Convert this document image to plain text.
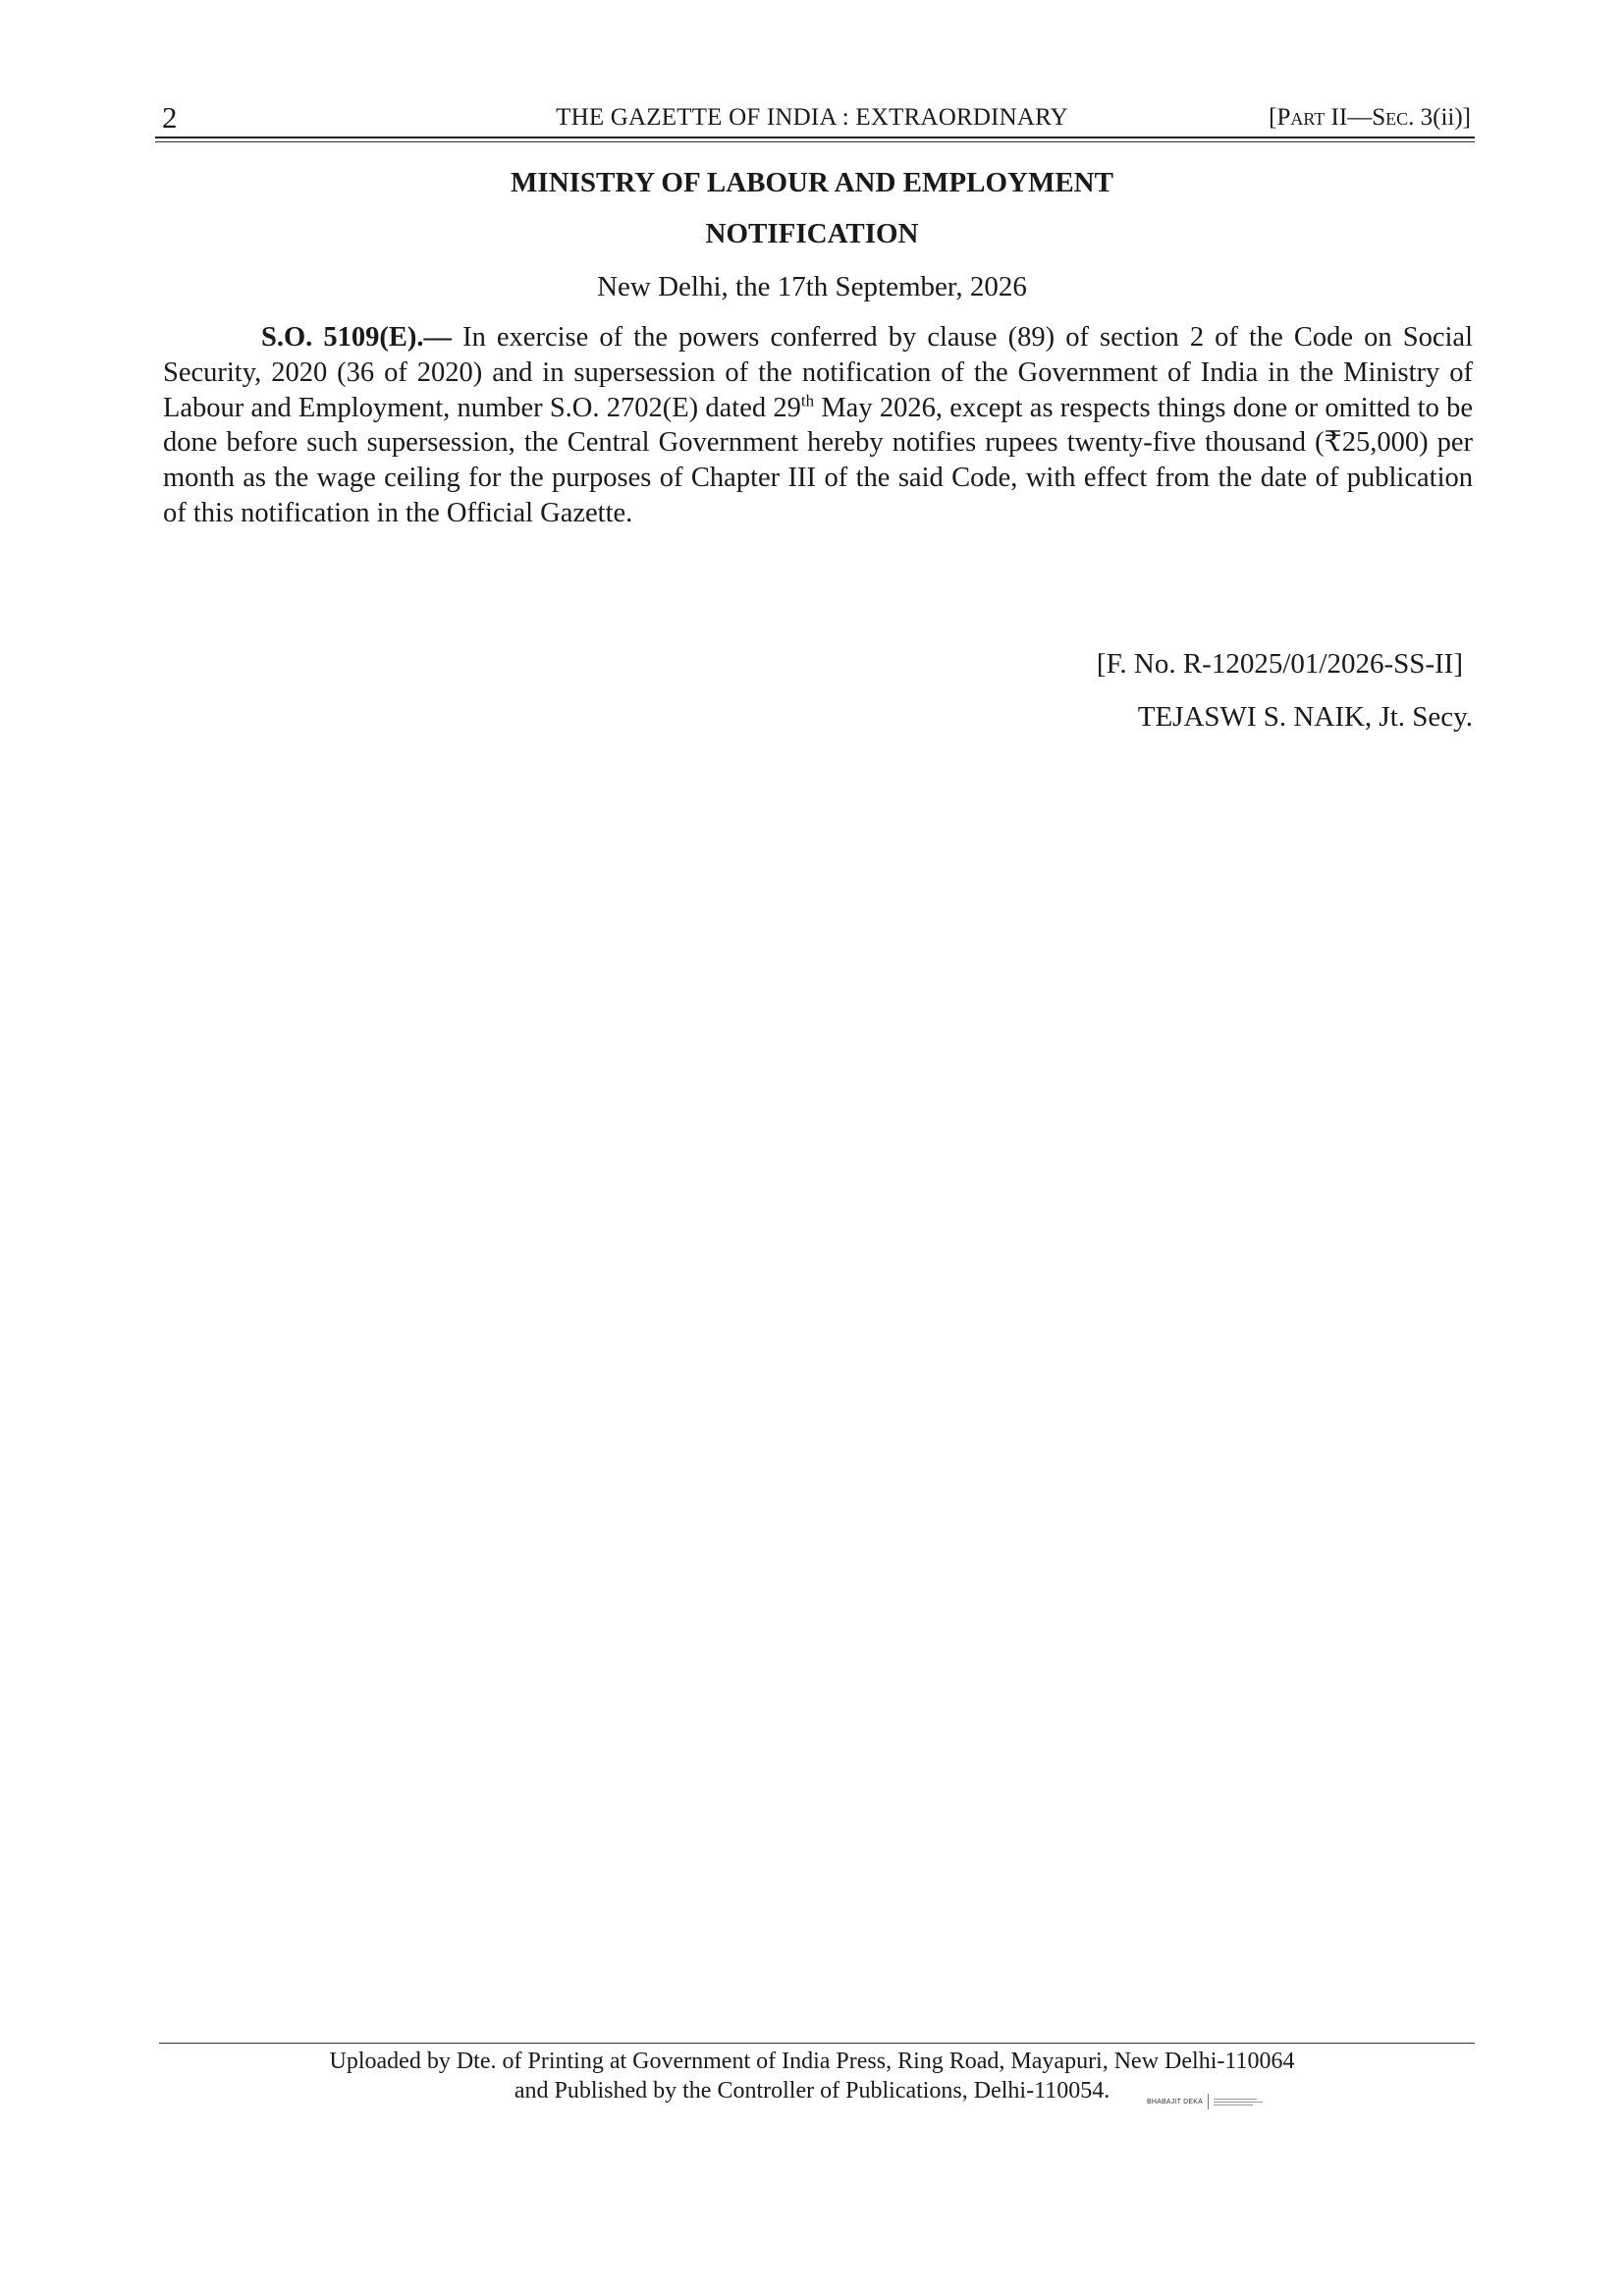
2	THE GAZETTE OF INDIA : EXTRAORDINARY	[Part II—Sec. 3(ii)]
MINISTRY OF LABOUR AND EMPLOYMENT
NOTIFICATION
New Delhi, the 17th September, 2026

S.O. 5109(E).— In exercise of the powers conferred by clause (89) of section 2 of the Code on Social Security, 2020 (36 of 2020) and in supersession of the notification of the Government of India in the Ministry of Labour and Employment, number S.O. 2702(E) dated 29th May 2026, except as respects things done or omitted to be done before such supersession, the Central Government hereby notifies rupees twenty-five thousand (₹25,000) per month as the wage ceiling for the purposes of Chapter III of the said Code, with effect from the date of publication of this notification in the Official Gazette.

[F. No. R-12025/01/2026-SS-II]
TEJASWI S. NAIK, Jt. Secy.
Uploaded by Dte. of Printing at Government of India Press, Ring Road, Mayapuri, New Delhi-110064
and Published by the Controller of Publications, Delhi-110054.	BHABAJIT DEKA
